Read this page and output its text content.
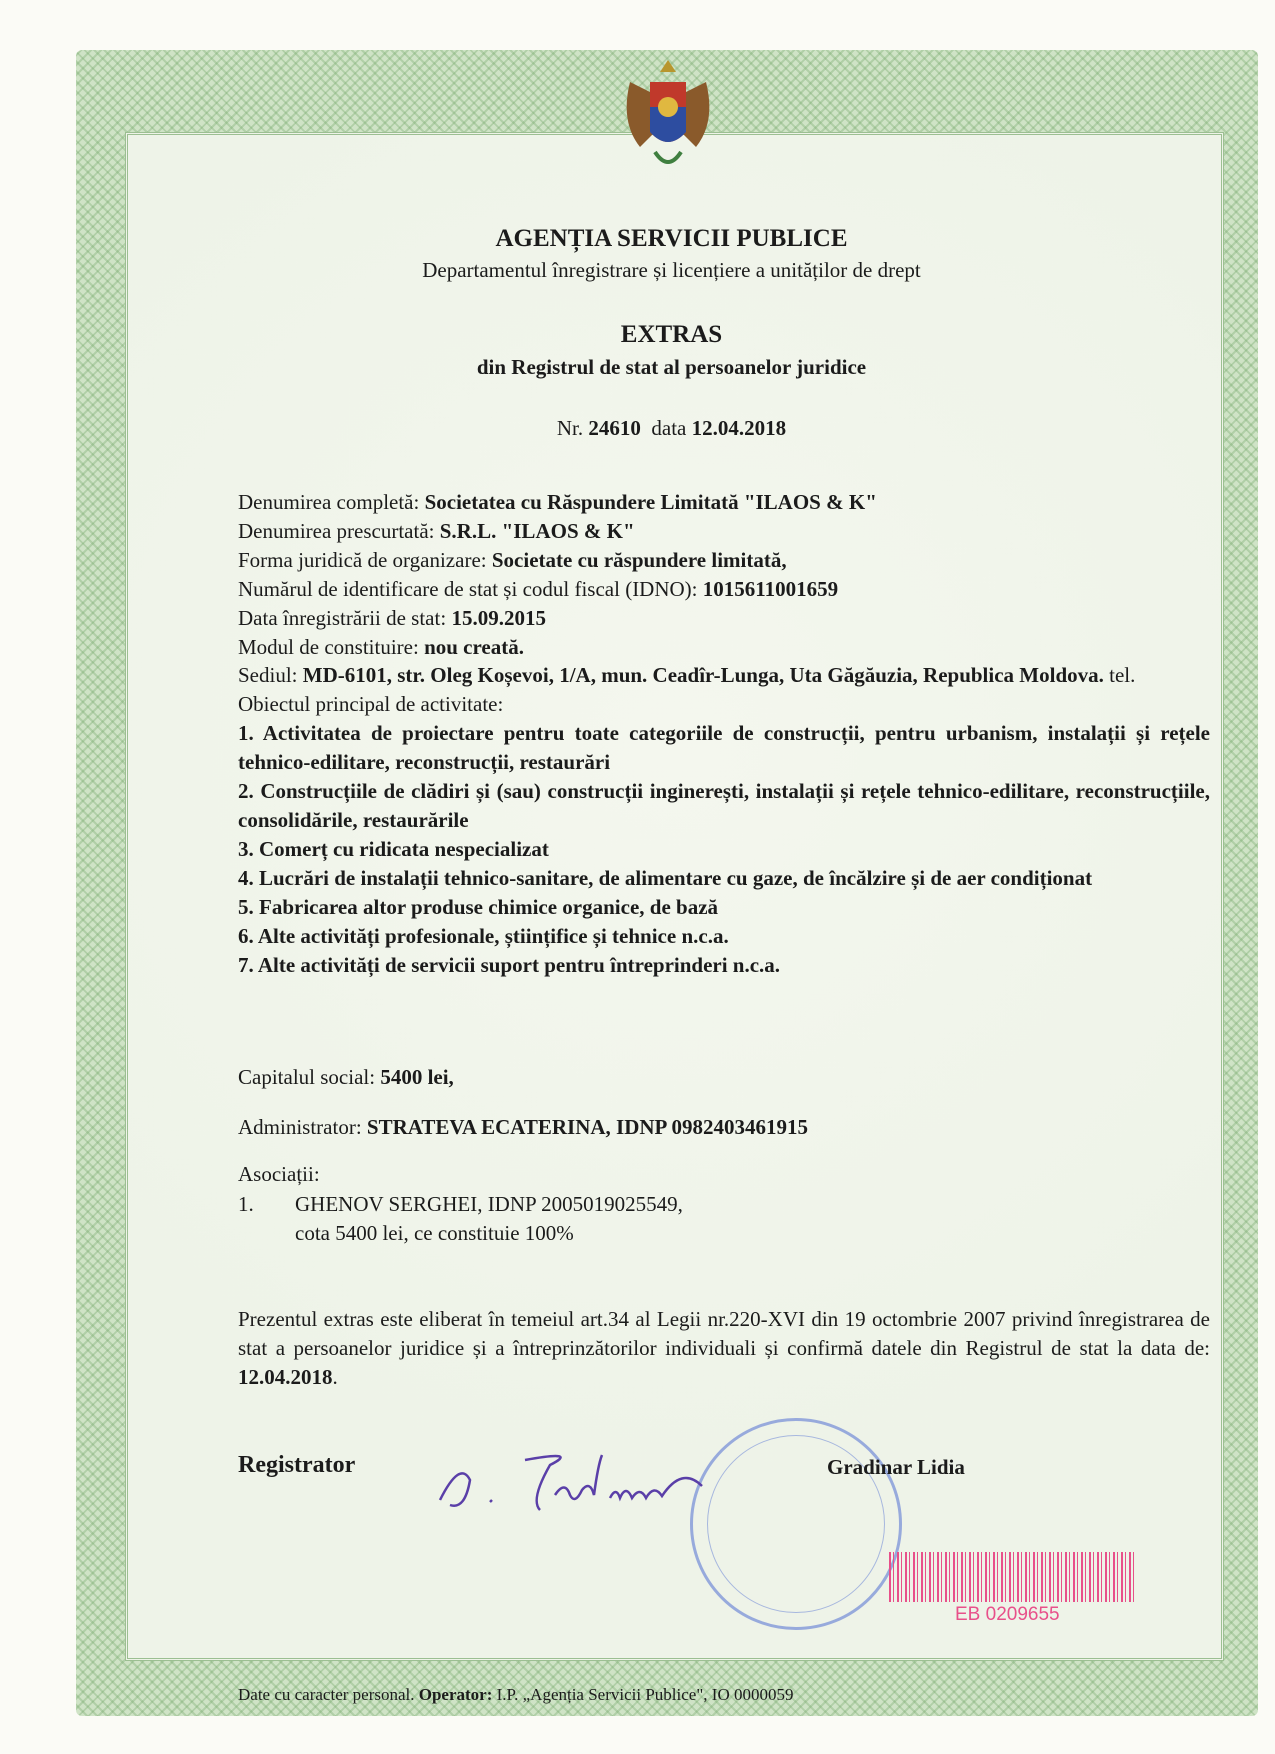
AGENȚIA SERVICII PUBLICE
Departamentul înregistrare și licențiere a unităților de drept
EXTRAS
din Registrul de stat al persoanelor juridice
Nr. 24610 data 12.04.2018

Denumirea completă: Societatea cu Răspundere Limitată "ILAOS & K"

Denumirea prescurtată: S.R.L. "ILAOS & K"

Forma juridică de organizare: Societate cu răspundere limitată,

Numărul de identificare de stat și codul fiscal (IDNO): 1015611001659

Data înregistrării de stat: 15.09.2015

Modul de constituire: nou creată.

Sediul: MD-6101, str. Oleg Koșevoi, 1/A, mun. Ceadîr-Lunga, Uta Găgăuzia, Republica Moldova. tel.

Obiectul principal de activitate:

1. Activitatea de proiectare pentru toate categoriile de construcții, pentru urbanism, instalații și rețele tehnico-edilitare, reconstrucții, restaurări
2. Construcțiile de clădiri și (sau) construcții inginerești, instalații și rețele tehnico-edilitare, reconstrucțiile, consolidările, restaurările
3. Comerț cu ridicata nespecializat
4. Lucrări de instalații tehnico-sanitare, de alimentare cu gaze, de încălzire și de aer condiționat
5. Fabricarea altor produse chimice organice, de bază
6. Alte activități profesionale, științifice și tehnice n.c.a.
7. Alte activități de servicii suport pentru întreprinderi n.c.a.
Capitalul social: 5400 lei,
Administrator: STRATEVA ECATERINA, IDNP 0982403461915
Asociații:
1. GHENOV SERGHEI, IDNP 2005019025549,
cota 5400 lei, ce constituie 100%
Prezentul extras este eliberat în temeiul art.34 al Legii nr.220-XVI din 19 octombrie 2007 privind înregistrarea de stat a persoanelor juridice și a întreprinzătorilor individuali și confirmă datele din Registrul de stat la data de: 12.04.2018.
Registrator	Gradinar Lidia
EB 0209655
Date cu caracter personal. Operator: I.P. „Agenția Servicii Publice", IO 0000059
